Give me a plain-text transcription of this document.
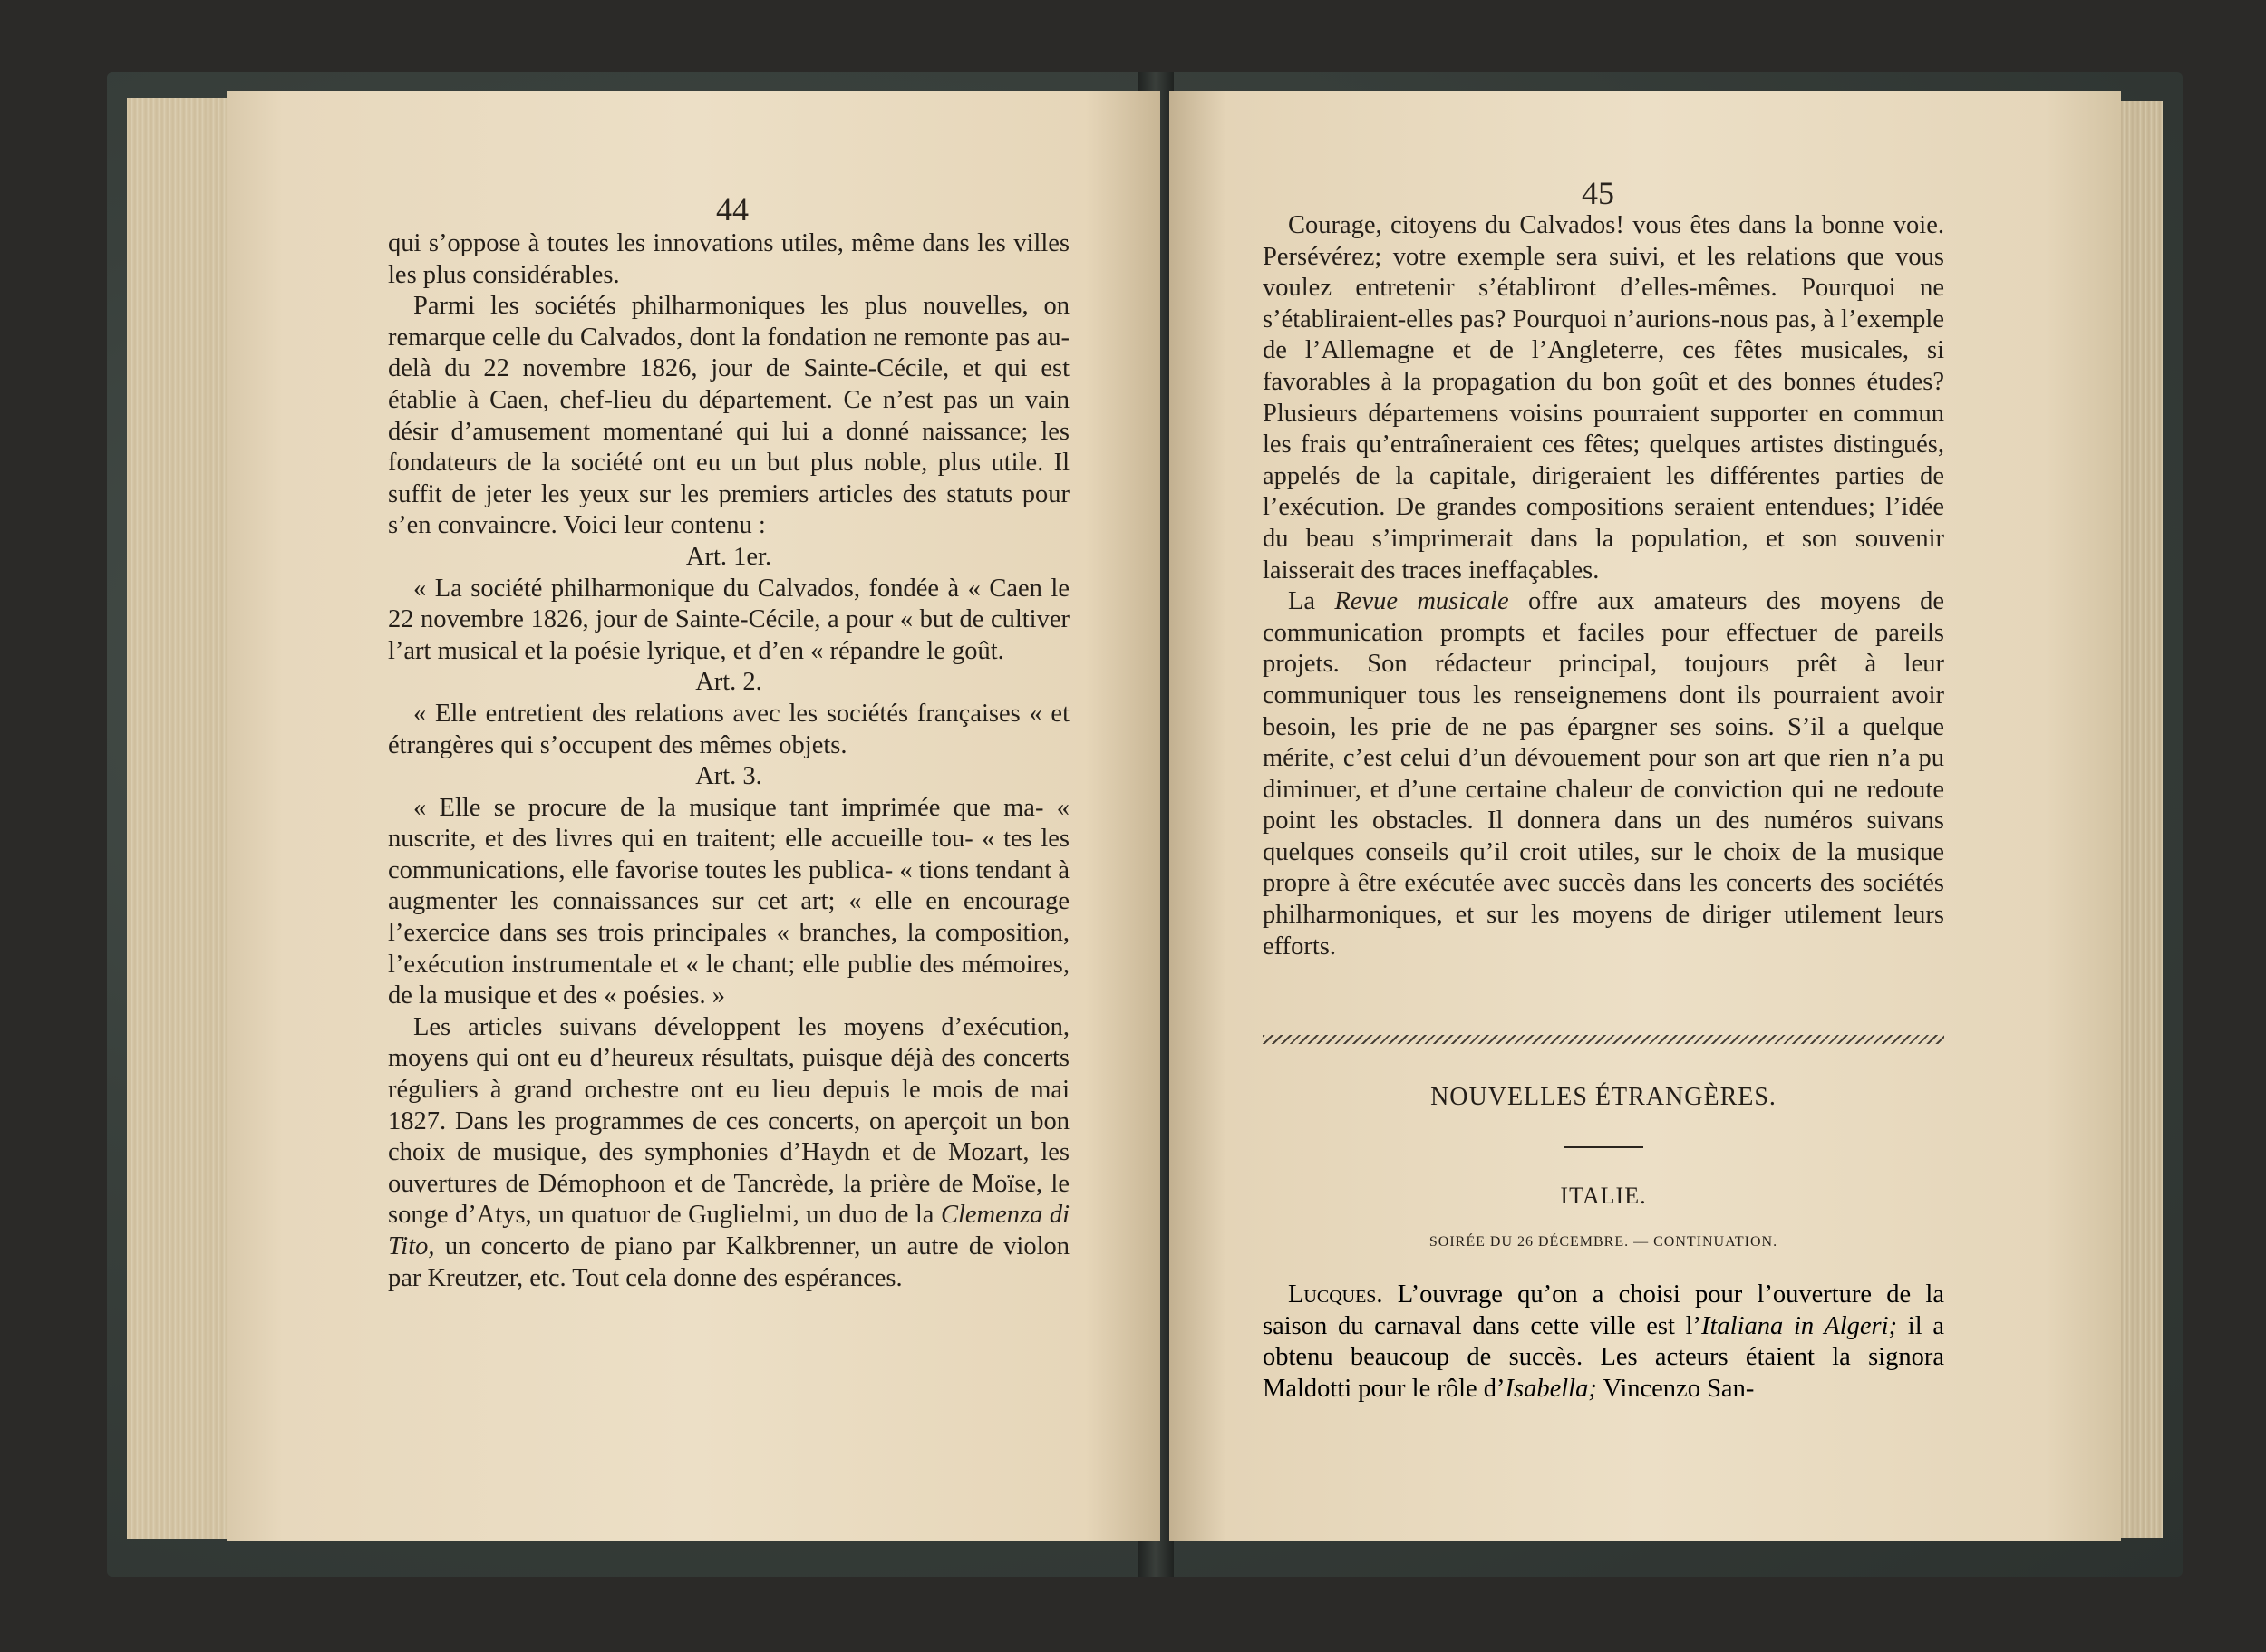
44

qui s’oppose à toutes les innovations utiles, même dans les villes les plus considérables.

Parmi les sociétés philharmoniques les plus nouvelles, on remarque celle du Calvados, dont la fondation ne remonte pas au-delà du 22 novembre 1826, jour de Sainte-Cécile, et qui est établie à Caen, chef-lieu du département. Ce n’est pas un vain désir d’amusement momentané qui lui a donné naissance; les fondateurs de la société ont eu un but plus noble, plus utile. Il suffit de jeter les yeux sur les premiers articles des statuts pour s’en convaincre. Voici leur contenu :

Art. 1er.

« La société philharmonique du Calvados, fondée à « Caen le 22 novembre 1826, jour de Sainte-Cécile, a pour « but de cultiver l’art musical et la poésie lyrique, et d’en « répandre le goût.

Art. 2.

« Elle entretient des relations avec les sociétés françaises « et étrangères qui s’occupent des mêmes objets.

Art. 3.

« Elle se procure de la musique tant imprimée que ma- « nuscrite, et des livres qui en traitent; elle accueille tou- « tes les communications, elle favorise toutes les publica- « tions tendant à augmenter les connaissances sur cet art; « elle en encourage l’exercice dans ses trois principales « branches, la composition, l’exécution instrumentale et « le chant; elle publie des mémoires, de la musique et des « poésies. »

Les articles suivans développent les moyens d’exécution, moyens qui ont eu d’heureux résultats, puisque déjà des concerts réguliers à grand orchestre ont eu lieu depuis le mois de mai 1827. Dans les programmes de ces concerts, on aperçoit un bon choix de musique, des symphonies d’Haydn et de Mozart, les ouvertures de Démophoon et de Tancrède, la prière de Moïse, le songe d’Atys, un quatuor de Guglielmi, un duo de la Clemenza di Tito, un concerto de piano par Kalkbrenner, un autre de violon par Kreutzer, etc. Tout cela donne des espérances.

45

Courage, citoyens du Calvados! vous êtes dans la bonne voie. Persévérez; votre exemple sera suivi, et les relations que vous voulez entretenir s’établiront d’elles-mêmes. Pourquoi ne s’établiraient-elles pas? Pourquoi n’aurions-nous pas, à l’exemple de l’Allemagne et de l’Angleterre, ces fêtes musicales, si favorables à la propagation du bon goût et des bonnes études? Plusieurs départemens voisins pourraient supporter en commun les frais qu’entraîneraient ces fêtes; quelques artistes distingués, appelés de la capitale, dirigeraient les différentes parties de l’exécution. De grandes compositions seraient entendues; l’idée du beau s’imprimerait dans la population, et son souvenir laisserait des traces ineffaçables.

La Revue musicale offre aux amateurs des moyens de communication prompts et faciles pour effectuer de pareils projets. Son rédacteur principal, toujours prêt à leur communiquer tous les renseignemens dont ils pourraient avoir besoin, les prie de ne pas épargner ses soins. S’il a quelque mérite, c’est celui d’un dévouement pour son art que rien n’a pu diminuer, et d’une certaine chaleur de conviction qui ne redoute point les obstacles. Il donnera dans un des numéros suivans quelques conseils qu’il croit utiles, sur le choix de la musique propre à être exécutée avec succès dans les concerts des sociétés philharmoniques, et sur les moyens de diriger utilement leurs efforts.

NOUVELLES ÉTRANGÈRES.
ITALIE.
SOIRÉE DU 26 DÉCEMBRE. — CONTINUATION.

Lucques. L’ouvrage qu’on a choisi pour l’ouverture de la saison du carnaval dans cette ville est l’Italiana in Algeri; il a obtenu beaucoup de succès. Les acteurs étaient la signora Maldotti pour le rôle d’Isabella; Vincenzo San-
